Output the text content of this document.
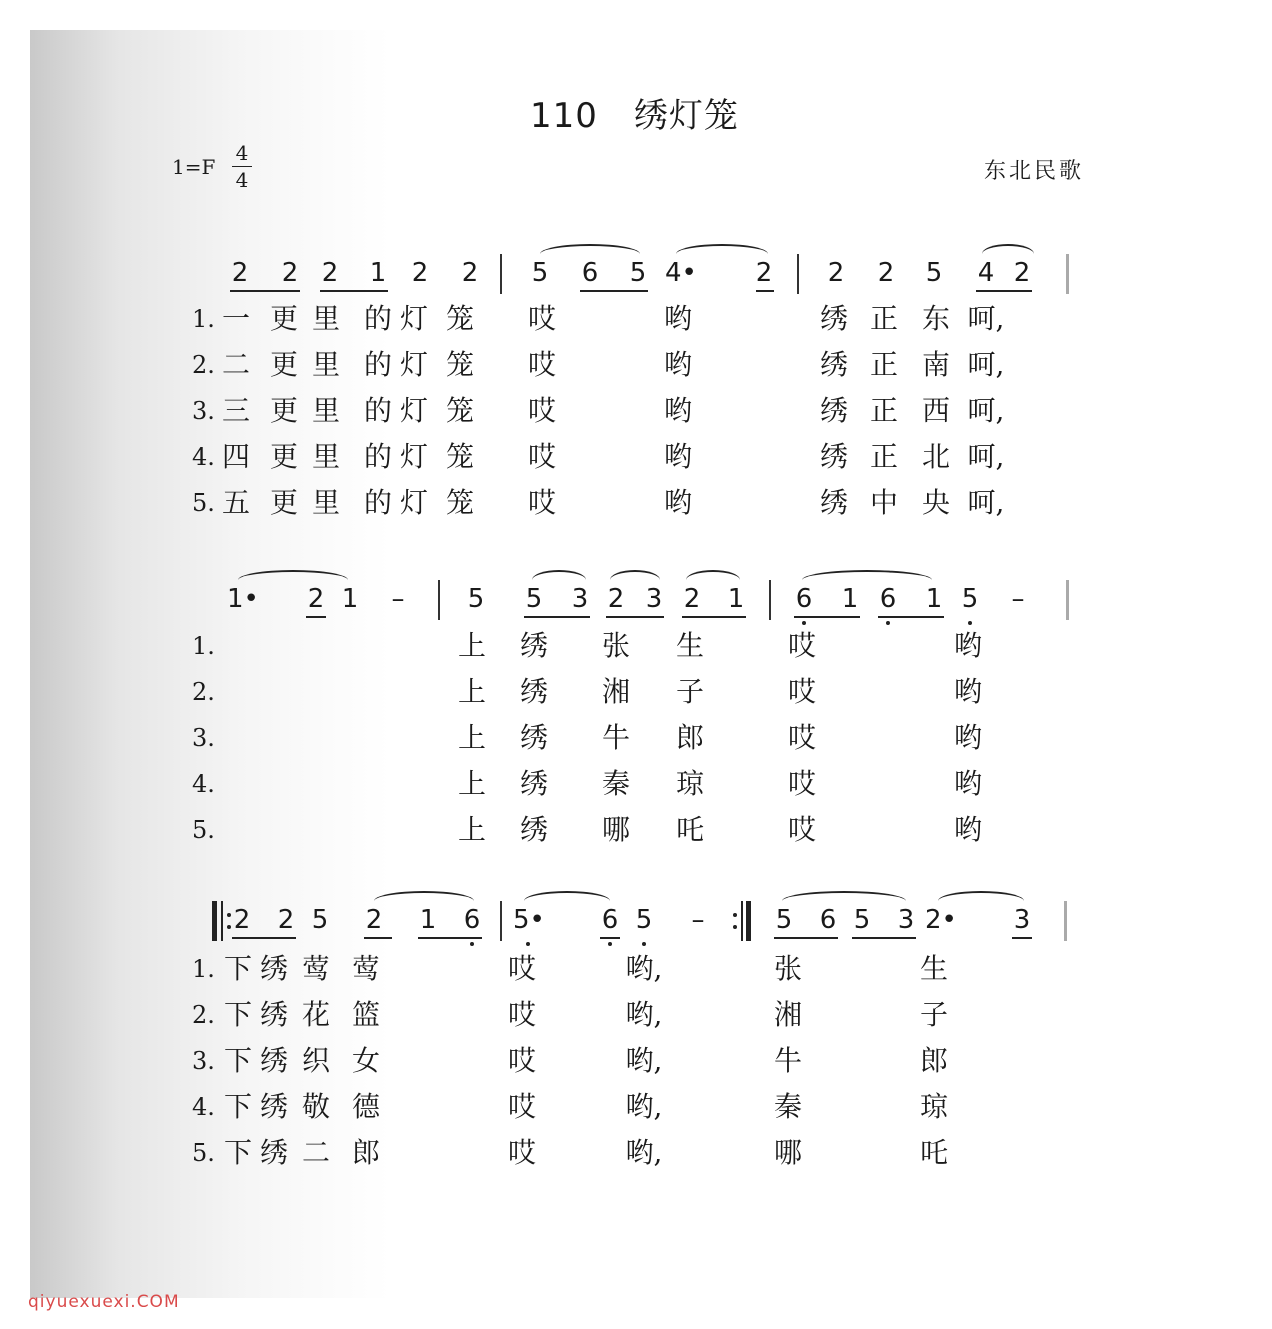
110 绣灯笼
1=F
4
4	东北民歌
2 2 2 1 2 2 5 6 5 4• 2 2 2 5 4 2
1. 一 更 里 的 灯 笼 哎	哟	绣 正 东 呵,
2. 二 更 里 的 灯 笼 哎	哟	绣 正 南 呵,
3. 三 更 里 的 灯 笼 哎	哟	绣 正 西 呵,
4. 四 更 里 的 灯 笼 哎	哟	绣 正 北 呵,
5. 五 更 里 的 灯 笼 哎	哟	绣 中 央 呵,
1• 2 1	–	5 5 3 2 3 2 1 6 1 6 1 5	–
1.	上 绣 张 生	哎	哟
2.	上 绣 湘 子	哎	哟
3.	上 绣 牛 郎	哎	哟
4.	上 绣 秦 琼	哎	哟
5.	上 绣 哪 吒	哎	哟
2 2 5 2 1 6 5• 6 5	–	5 6 5 3 2• 3
1. 下 绣 莺 莺	哎	哟,	张	生
2. 下 绣 花 篮	哎	哟,	湘	子
3. 下 绣 织 女	哎	哟,	牛	郎
4. 下 绣 敬 德	哎	哟,	秦	琼
5. 下 绣 二 郎	哎	哟,	哪	吒
qiyuexuexi.COM
